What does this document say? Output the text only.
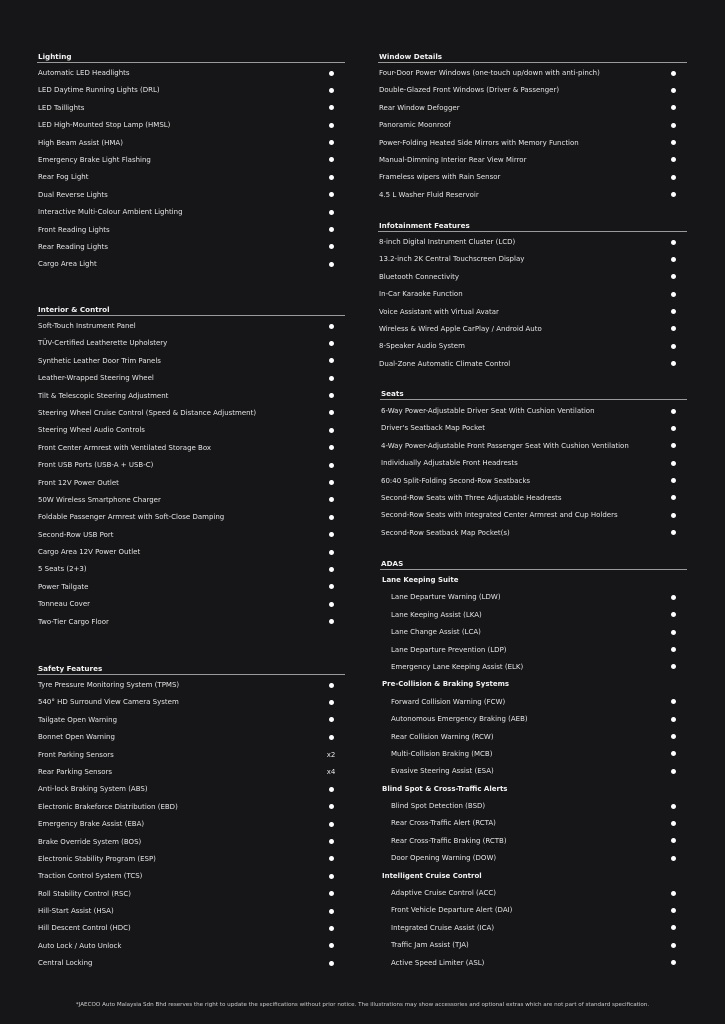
Lighting
Automatic LED Headlights
LED Daytime Running Lights (DRL)
LED Taillights
LED High-Mounted Stop Lamp (HMSL)
High Beam Assist (HMA)
Emergency Brake Light Flashing
Rear Fog Light
Dual Reverse Lights
Interactive Multi-Colour Ambient Lighting
Front Reading Lights
Rear Reading Lights
Cargo Area Light
Interior & Control
Soft-Touch Instrument Panel
TÜV-Certified Leatherette Upholstery
Synthetic Leather Door Trim Panels
Leather-Wrapped Steering Wheel
Tilt & Telescopic Steering Adjustment
Steering Wheel Cruise Control (Speed & Distance Adjustment)
Steering Wheel Audio Controls
Front Center Armrest with Ventilated Storage Box
Front USB Ports (USB-A + USB-C)
Front 12V Power Outlet
50W Wireless Smartphone Charger
Foldable Passenger Armrest with Soft-Close Damping
Second-Row USB Port
Cargo Area 12V Power Outlet
5 Seats (2+3)
Power Tailgate
Tonneau Cover
Two-Tier Cargo Floor
Safety Features
Tyre Pressure Monitoring System (TPMS)
540° HD Surround View Camera System
Tailgate Open Warning
Bonnet Open Warning
Front Parking Sensors	x2
Rear Parking Sensors	x4
Anti-lock Braking System (ABS)
Electronic Brakeforce Distribution (EBD)
Emergency Brake Assist (EBA)
Brake Override System (BOS)
Electronic Stability Program (ESP)
Traction Control System (TCS)
Roll Stability Control (RSC)
Hill-Start Assist (HSA)
Hill Descent Control (HDC)
Auto Lock / Auto Unlock
Central Locking
Window Details
Four-Door Power Windows (one-touch up/down with anti-pinch)
Double-Glazed Front Windows (Driver & Passenger)
Rear Window Defogger
Panoramic Moonroof
Power-Folding Heated Side Mirrors with Memory Function
Manual-Dimming Interior Rear View Mirror
Frameless wipers with Rain Sensor
4.5 L Washer Fluid Reservoir
Infotainment Features
8-inch Digital Instrument Cluster (LCD)
13.2-inch 2K Central Touchscreen Display
Bluetooth Connectivity
In-Car Karaoke Function
Voice Assistant with Virtual Avatar
Wireless & Wired Apple CarPlay / Android Auto
8-Speaker Audio System
Dual-Zone Automatic Climate Control
Seats
6-Way Power-Adjustable Driver Seat With Cushion Ventilation
Driver's Seatback Map Pocket
4-Way Power-Adjustable Front Passenger Seat With Cushion Ventilation
Individually Adjustable Front Headrests
60:40 Split-Folding Second-Row Seatbacks
Second-Row Seats with Three Adjustable Headrests
Second-Row Seats with Integrated Center Armrest and Cup Holders
Second-Row Seatback Map Pocket(s)
ADAS
Lane Keeping Suite
Lane Departure Warning (LDW)
Lane Keeping Assist (LKA)
Lane Change Assist (LCA)
Lane Departure Prevention (LDP)
Emergency Lane Keeping Assist (ELK)
Pre-Collision & Braking Systems
Forward Collision Warning (FCW)
Autonomous Emergency Braking (AEB)
Rear Collision Warning (RCW)
Multi-Collision Braking (MCB)
Evasive Steering Assist (ESA)
Blind Spot & Cross-Traffic Alerts
Blind Spot Detection (BSD)
Rear Cross-Traffic Alert (RCTA)
Rear Cross-Traffic Braking (RCTB)
Door Opening Warning (DOW)
Intelligent Cruise Control
Adaptive Cruise Control (ACC)
Front Vehicle Departure Alert (DAI)
Integrated Cruise Assist (ICA)
Traffic Jam Assist (TJA)
Active Speed Limiter (ASL)
*JAECOO Auto Malaysia Sdn Bhd reserves the right to update the specifications without prior notice. The illustrations may show accessories and optional extras which are not part of standard specification.
